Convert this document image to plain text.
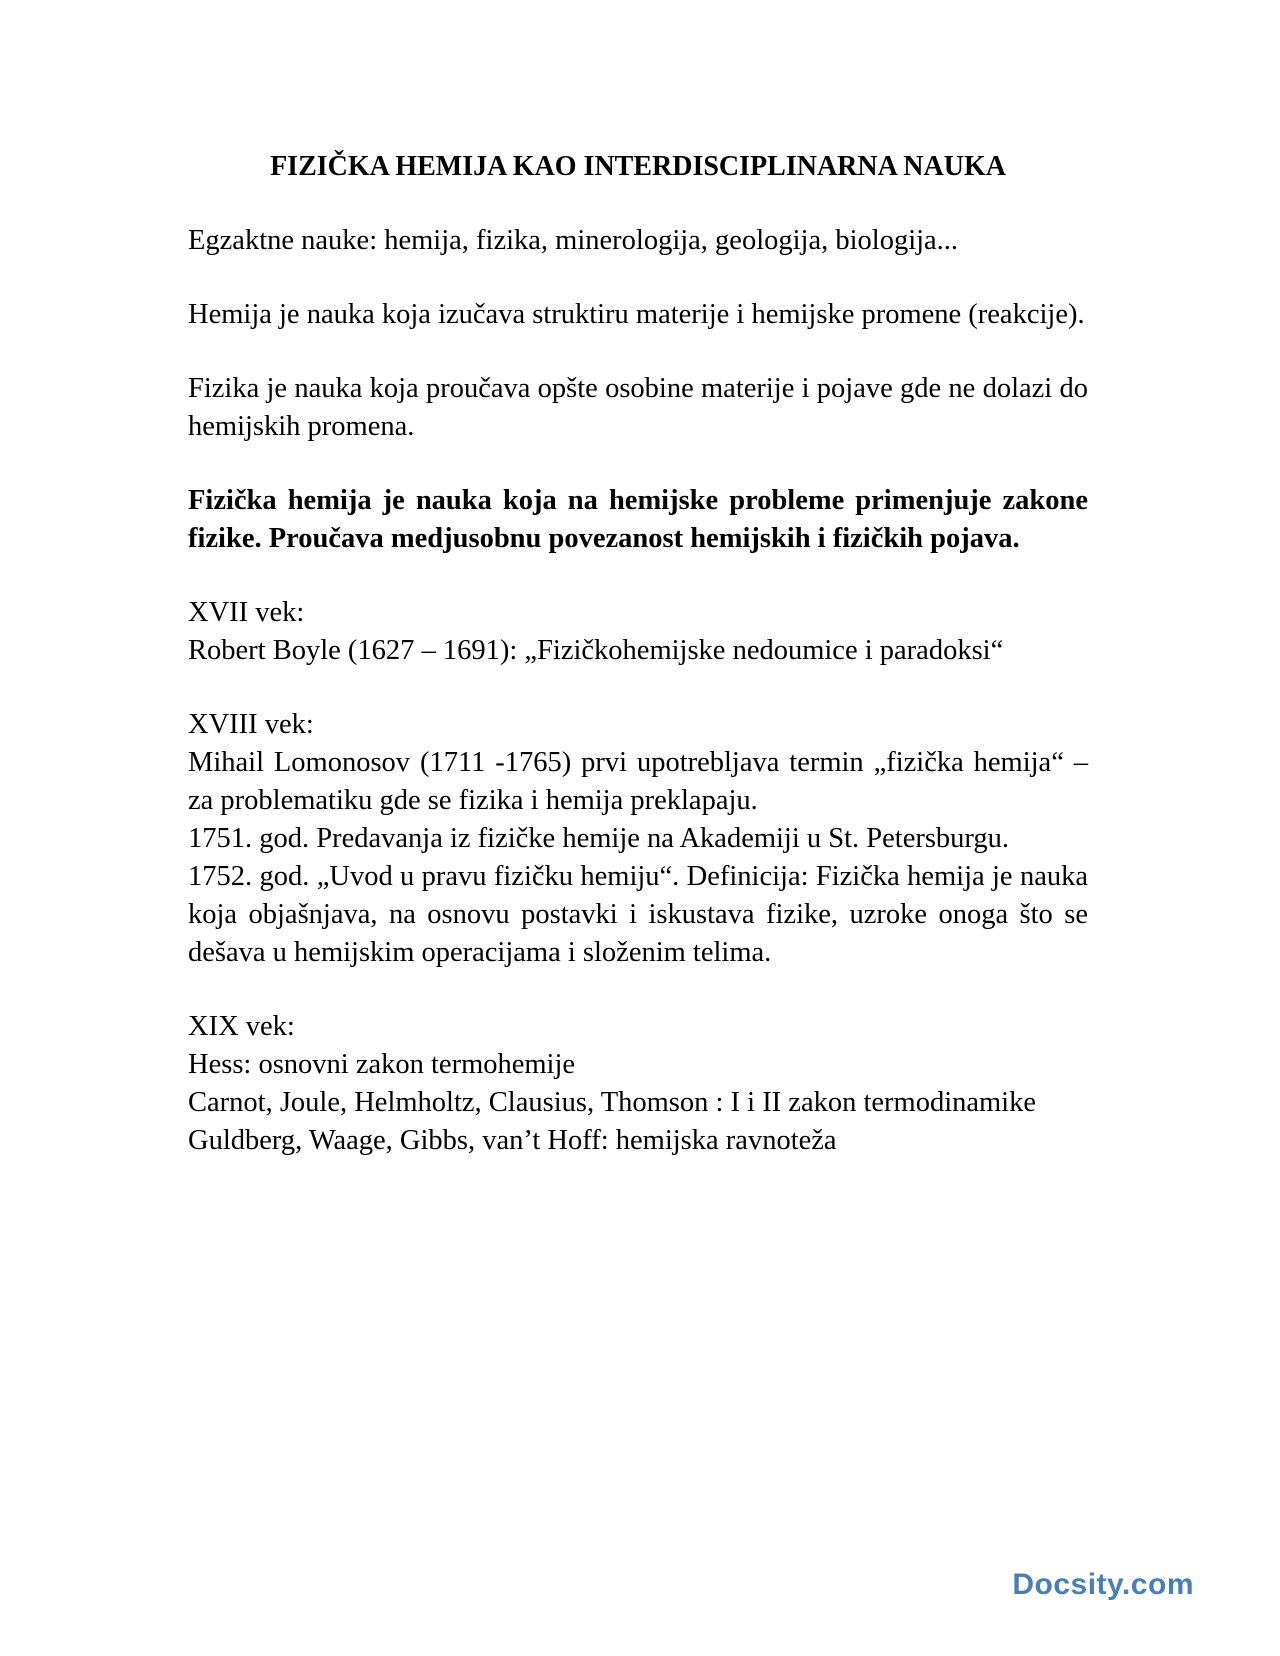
FIZIČKA HEMIJA KAO INTERDISCIPLINARNA NAUKA

Egzaktne nauke: hemija, fizika, minerologija, geologija, biologija...

Hemija je nauka koja izučava struktiru materije i hemijske promene (reakcije).

Fizika je nauka koja proučava opšte osobine materije i pojave gde ne dolazi do hemijskih promena.

Fizička hemija je nauka koja na hemijske probleme primenjuje zakone fizike. Proučava medjusobnu povezanost hemijskih i fizičkih pojava.

XVII vek:
Robert Boyle (1627 – 1691): „Fizičkohemijske nedoumice i paradoksi“
XVIII vek:
Mihail Lomonosov (1711 -1765) prvi upotrebljava termin „fizička hemija“ – za problematiku gde se fizika i hemija preklapaju.
1751. god. Predavanja iz fizičke hemije na Akademiji u St. Petersburgu.
1752. god. „Uvod u pravu fizičku hemiju“. Definicija: Fizička hemija je nauka koja objašnjava, na osnovu postavki i iskustava fizike, uzroke onoga što se dešava u hemijskim operacijama i složenim telima.
XIX vek:
Hess: osnovni zakon termohemije
Carnot, Joule, Helmholtz, Clausius, Thomson : I i II zakon termodinamike
Guldberg, Waage, Gibbs, van’t Hoff: hemijska ravnoteža
Docsity.com
